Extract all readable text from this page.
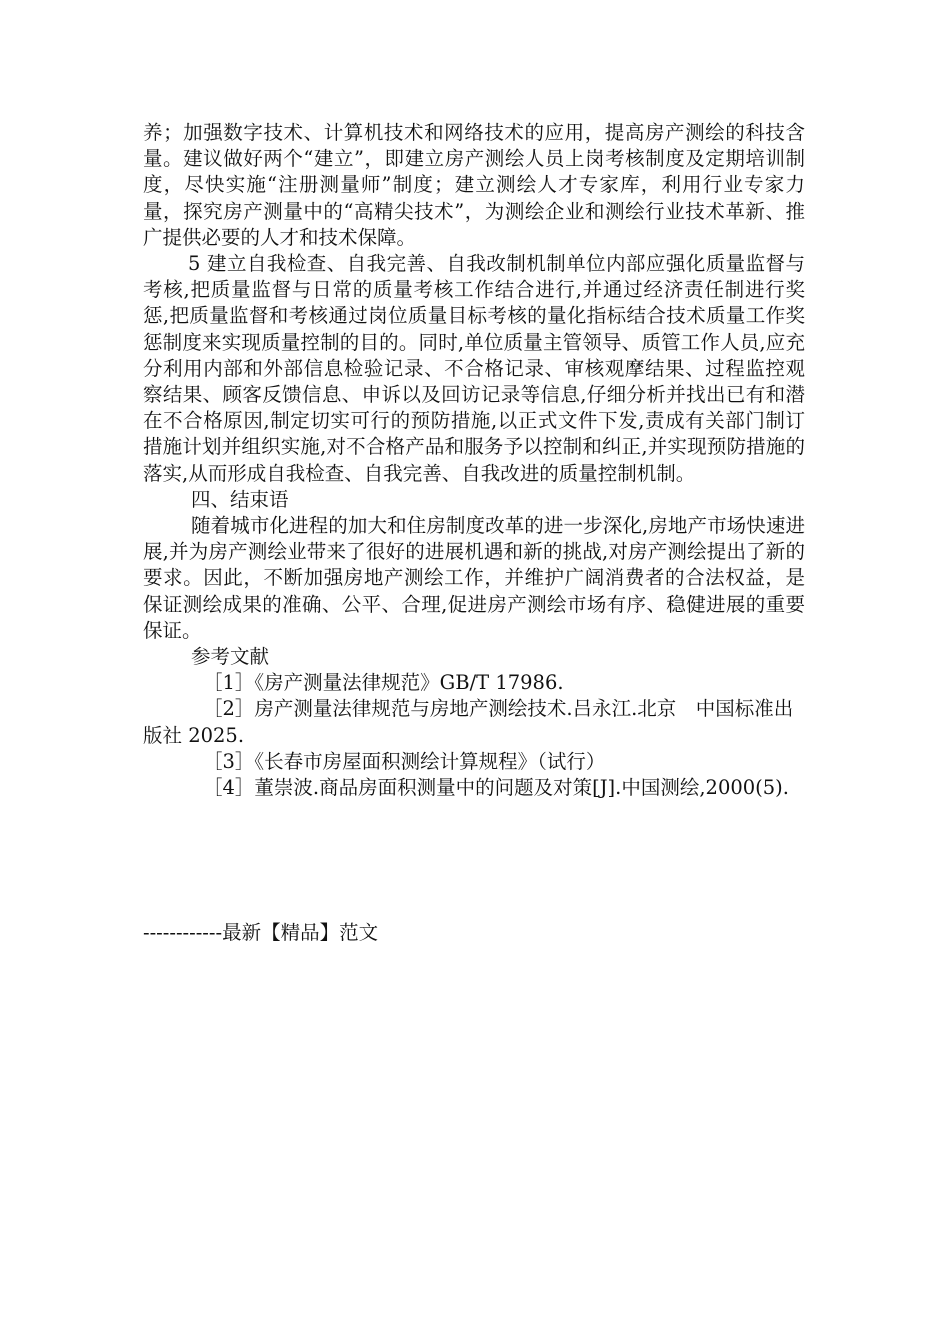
养；加强数字技术、计算机技术和网络技术的应用，提高房产测绘的科技含量。建议做好两个“建立”，即建立房产测绘人员上岗考核制度及定期培训制度，尽快实施“注册测量师”制度；建立测绘人才专家库，利用行业专家力量，探究房产测量中的“高精尖技术”，为测绘企业和测绘行业技术革新、推广提供必要的人才和技术保障。

5 建立自我检查、自我完善、自我改制机制单位内部应强化质量监督与考核,把质量监督与日常的质量考核工作结合进行,并通过经济责任制进行奖惩,把质量监督和考核通过岗位质量目标考核的量化指标结合技术质量工作奖惩制度来实现质量控制的目的。同时,单位质量主管领导、质管工作人员,应充分利用内部和外部信息检验记录、不合格记录、审核观摩结果、过程监控观察结果、顾客反馈信息、申诉以及回访记录等信息,仔细分析并找出已有和潜在不合格原因,制定切实可行的预防措施,以正式文件下发,责成有关部门制订措施计划并组织实施,对不合格产品和服务予以控制和纠正,并实现预防措施的落实,从而形成自我检查、自我完善、自我改进的质量控制机制。

四、结束语

随着城市化进程的加大和住房制度改革的进一步深化,房地产市场快速进展,并为房产测绘业带来了很好的进展机遇和新的挑战,对房产测绘提出了新的要求。因此，不断加强房地产测绘工作，并维护广阔消费者的合法权益，是保证测绘成果的准确、公平、合理,促进房产测绘市场有序、稳健进展的重要保证。

参考文献

［1］《房产测量法律规范》GB/T 17986.

［2］房产测量法律规范与房地产测绘技术.吕永江.北京　中国标准出版社 2025.

［3］《长春市房屋面积测绘计算规程》（试行）

［4］董崇波.商品房面积测量中的问题及对策[J].中国测绘,2000(5).

------------最新【精品】范文
